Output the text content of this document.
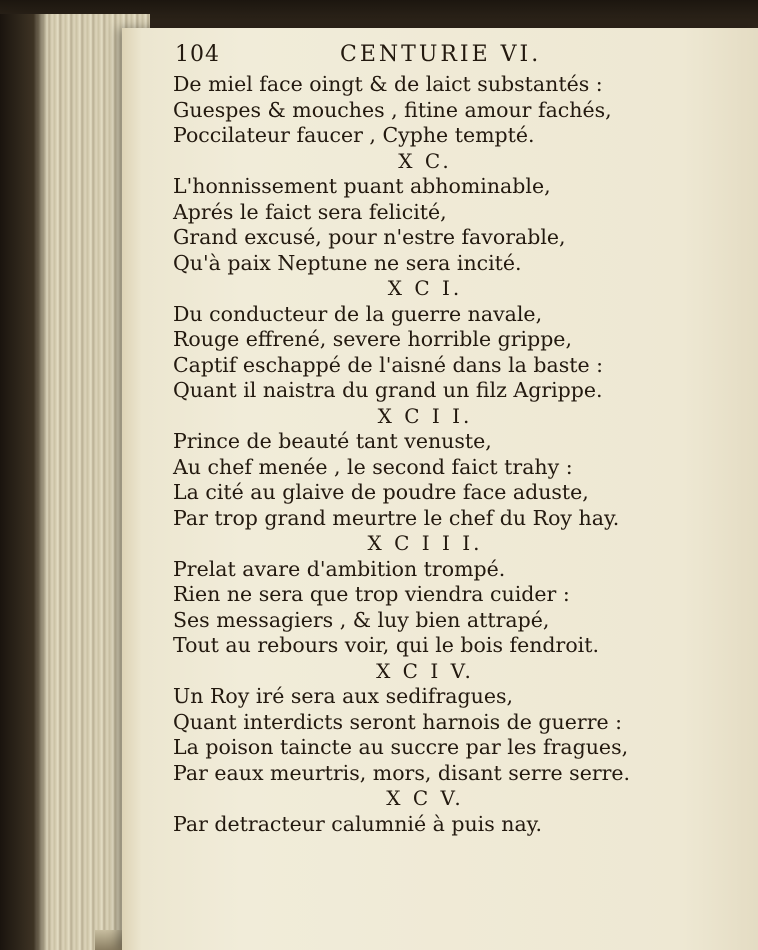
104	CENTURIE VI.
De miel face oingt & de laict substantés :
Guespes & mouches , fitine amour fachés,
Poccilateur faucer , Cyphe tempté.
X C.
L'honnissement puant abhominable,
Aprés le faict sera felicité,
Grand excusé, pour n'estre favorable,
Qu'à paix Neptune ne sera incité.
X C I.
Du conducteur de la guerre navale,
Rouge effrené, severe horrible grippe,
Captif eschappé de l'aisné dans la baste :
Quant il naistra du grand un filz Agrippe.
X C I I.
Prince de beauté tant venuste,
Au chef menée , le second faict trahy :
La cité au glaive de poudre face aduste,
Par trop grand meurtre le chef du Roy hay.
X C I I I.
Prelat avare d'ambition trompé.
Rien ne sera que trop viendra cuider :
Ses messagiers , & luy bien attrapé,
Tout au rebours voir, qui le bois fendroit.
X C I V.
Un Roy iré sera aux sedifragues,
Quant interdicts seront harnois de guerre :
La poison taincte au succre par les fragues,
Par eaux meurtris, mors, disant serre serre.
X C V.
Par detracteur calumnié à puis nay.
